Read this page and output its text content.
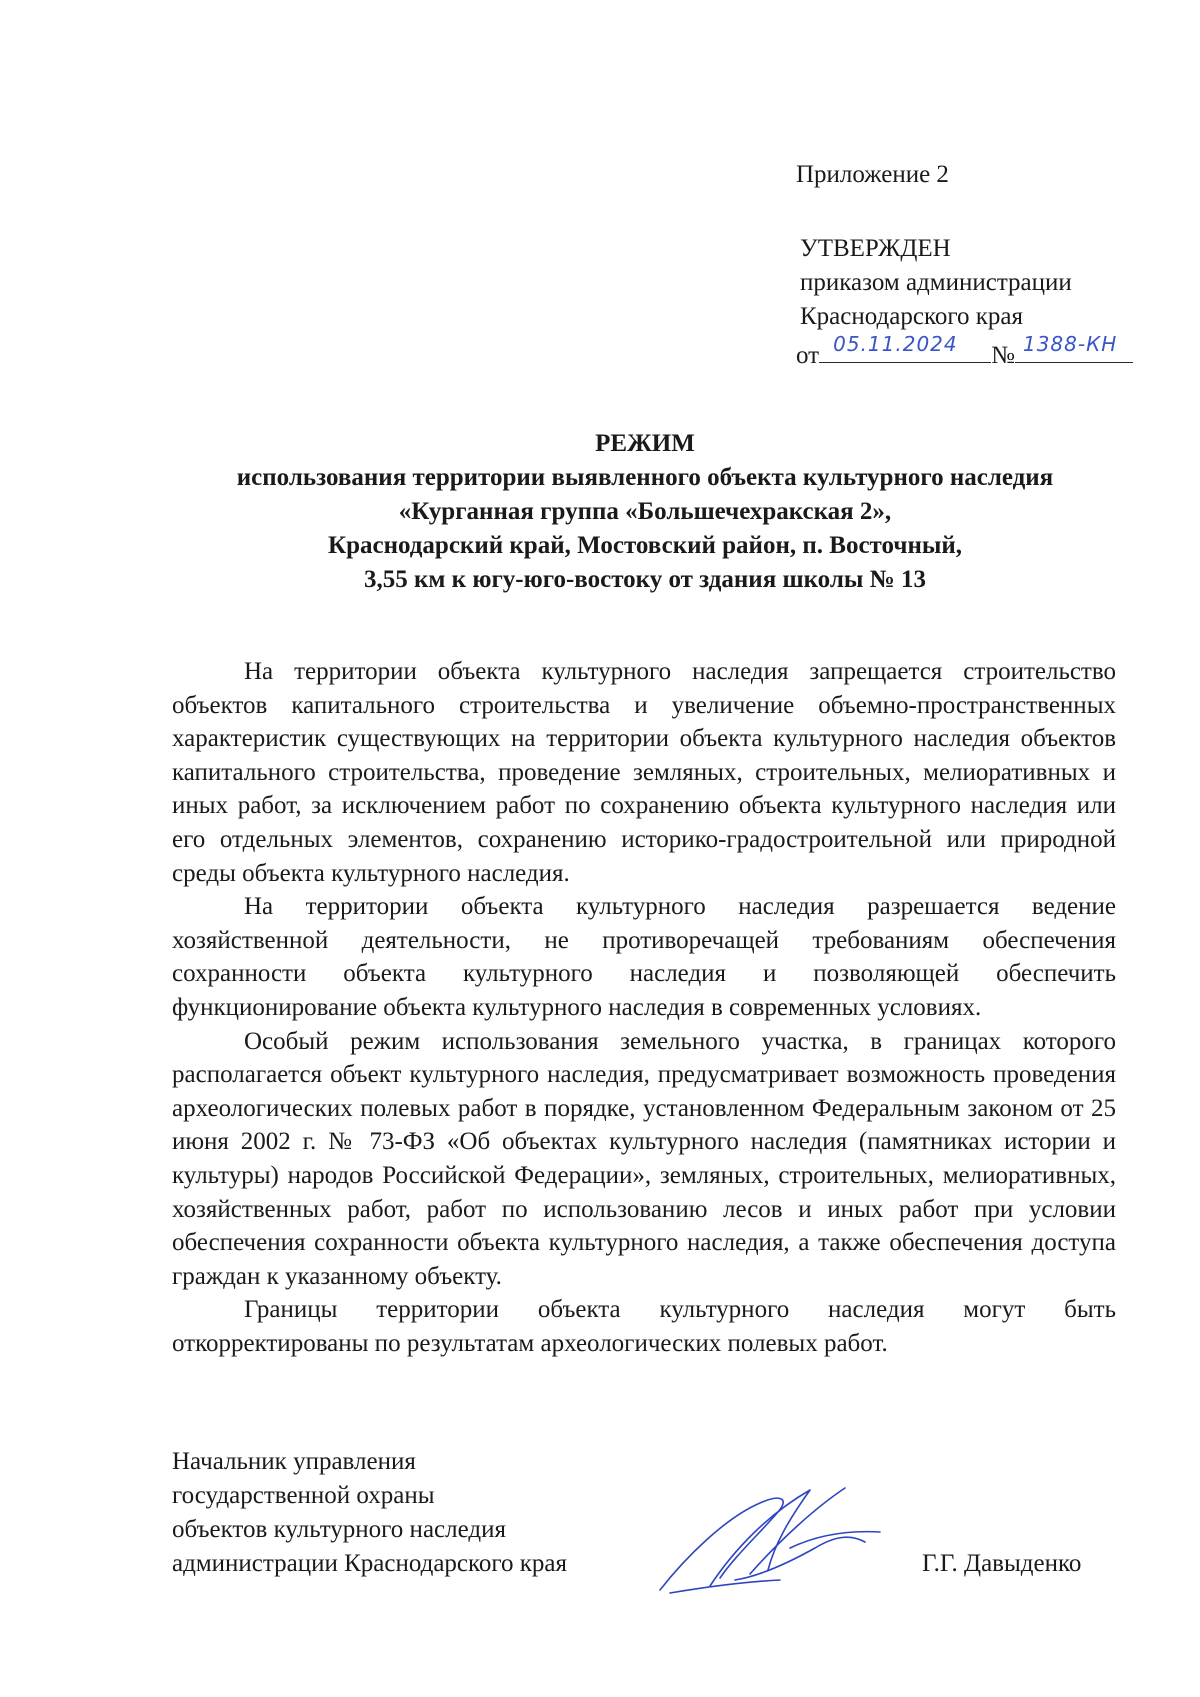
Приложение 2
УТВЕРЖДЕН
приказом администрации
Краснодарского края
от 05.11.2024 № 1388-КН
РЕЖИМ
использования территории выявленного объекта культурного наследия
«Курганная группа «Большечехракская 2»,
Краснодарский край, Мостовский район, п. Восточный,
3,55 км к югу-юго-востоку от здания школы № 13

На территории объекта культурного наследия запрещается строительство объектов капитального строительства и увеличение объемно-пространственных характеристик существующих на территории объекта культурного наследия объектов капитального строительства, проведение земляных, строительных, мелиоративных и иных работ, за исключением работ по сохранению объекта культурного наследия или его отдельных элементов, сохранению историко-градостроительной или природной среды объекта культурного наследия.

На территории объекта культурного наследия разрешается ведение хозяйственной деятельности, не противоречащей требованиям обеспечения сохранности объекта культурного наследия и позволяющей обеспечить функционирование объекта культурного наследия в современных условиях.

Особый режим использования земельного участка, в границах которого располагается объект культурного наследия, предусматривает возможность проведения археологических полевых работ в порядке, установленном Федеральным законом от 25 июня 2002 г. № 73-ФЗ «Об объектах культурного наследия (памятниках истории и культуры) народов Российской Федерации», земляных, строительных, мелиоративных, хозяйственных работ, работ по использованию лесов и иных работ при условии обеспечения сохранности объекта культурного наследия, а также обеспечения доступа граждан к указанному объекту.

Границы территории объекта культурного наследия могут быть откорректированы по результатам археологических полевых работ.

Начальник управления
государственной охраны
объектов культурного наследия
администрации Краснодарского края	Г.Г. Давыденко
